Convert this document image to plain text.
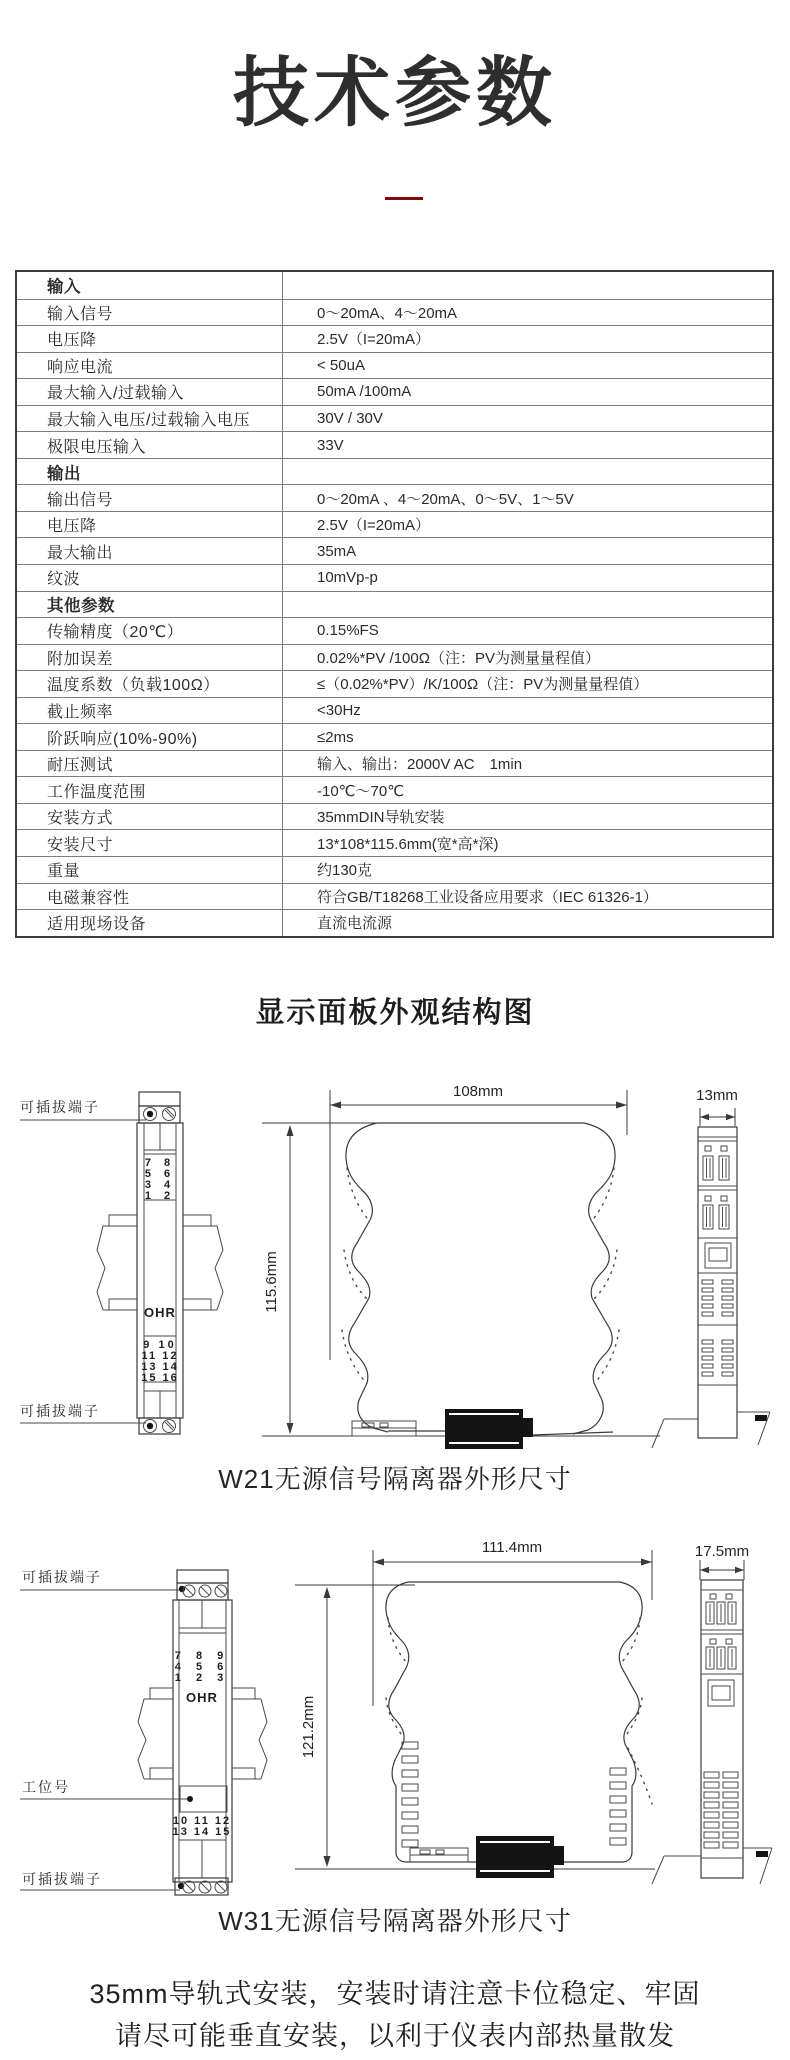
技术参数
输入
输入信号	0～20mA、4～20mA
电压降	2.5V（I=20mA）
响应电流	< 50uA
最大输入/过载输入	50mA /100mA
最大输入电压/过载输入电压	30V / 30V
极限电压输入	33V
输出
输出信号	0～20mA 、4～20mA、0～5V、1～5V
电压降	2.5V（I=20mA）
最大输出	35mA
纹波	10mVp-p
其他参数
传输精度（20℃）	0.15%FS
附加误差	0.02%*PV /100Ω（注：PV为测量量程值）
温度系数（负载100Ω）	≤（0.02%*PV）/K/100Ω（注：PV为测量量程值）
截止频率	<30Hz
阶跃响应(10%-90%)	≤2ms
耐压测试	输入、输出：2000V AC　1min
工作温度范围	-10℃～70℃
安装方式	35mmDIN导轨安装
安装尺寸	13*108*115.6mm(宽*高*深)
重量	约130克
电磁兼容性	符合GB/T18268工业设备应用要求（IEC 61326-1）
适用现场设备	直流电流源
显示面板外观结构图
可插拔端子
7 8
5 6
3 4
1 2
OHR
9 10
11 12
13 14
15 16
可插拔端子
115.6mm
108mm	13mm
W21无源信号隔离器外形尺寸
可插拔端子
7 8 9
4 5 6
1 2 3
OHR
工位号
10 11 12
13 14 15
可插拔端子
111.4mm
121.2mm
17.5mm
W31无源信号隔离器外形尺寸
35mm导轨式安装，安装时请注意卡位稳定、牢固
请尽可能垂直安装，以利于仪表内部热量散发
